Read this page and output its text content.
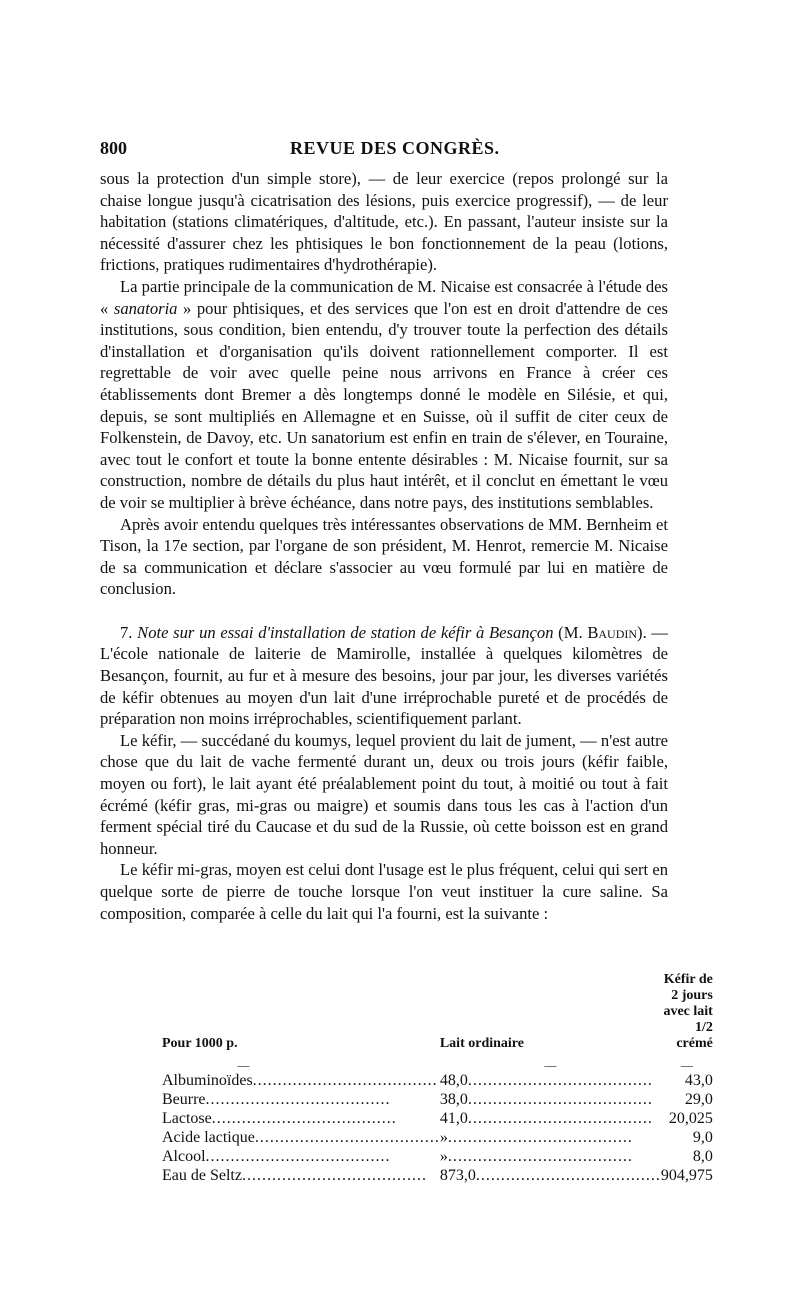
800	REVUE DES CONGRÈS.

sous la protection d'un simple store), — de leur exercice (repos prolongé sur la chaise longue jusqu'à cicatrisation des lésions, puis exercice progressif), — de leur habitation (stations climatériques, d'altitude, etc.). En passant, l'auteur insiste sur la nécessité d'assurer chez les phtisiques le bon fonctionnement de la peau (lotions, frictions, pratiques rudimentaires d'hydrothérapie).

La partie principale de la communication de M. Nicaise est consacrée à l'étude des « sanatoria » pour phtisiques, et des services que l'on est en droit d'attendre de ces institutions, sous condition, bien entendu, d'y trouver toute la perfection des détails d'installation et d'organisation qu'ils doivent rationnellement comporter. Il est regrettable de voir avec quelle peine nous arrivons en France à créer ces établissements dont Bremer a dès longtemps donné le modèle en Silésie, et qui, depuis, se sont multipliés en Allemagne et en Suisse, où il suffit de citer ceux de Folkenstein, de Davoy, etc. Un sanatorium est enfin en train de s'élever, en Touraine, avec tout le confort et toute la bonne entente désirables : M. Nicaise fournit, sur sa construction, nombre de détails du plus haut intérêt, et il conclut en émettant le vœu de voir se multiplier à brève échéance, dans notre pays, des institutions semblables.

Après avoir entendu quelques très intéressantes observations de MM. Bernheim et Tison, la 17e section, par l'organe de son président, M. Henrot, remercie M. Nicaise de sa communication et déclare s'associer au vœu formulé par lui en matière de conclusion.

7. Note sur un essai d'installation de station de kéfir à Besançon (M. Baudin). — L'école nationale de laiterie de Mamirolle, installée à quelques kilomètres de Besançon, fournit, au fur et à mesure des besoins, jour par jour, les diverses variétés de kéfir obtenues au moyen d'un lait d'une irréprochable pureté et de procédés de préparation non moins irréprochables, scientifiquement parlant.

Le kéfir, — succédané du koumys, lequel provient du lait de jument, — n'est autre chose que du lait de vache fermenté durant un, deux ou trois jours (kéfir faible, moyen ou fort), le lait ayant été préalablement point du tout, à moitié ou tout à fait écrémé (kéfir gras, mi-gras ou maigre) et soumis dans tous les cas à l'action d'un ferment spécial tiré du Caucase et du sud de la Russie, où cette boisson est en grand honneur.

Le kéfir mi-gras, moyen est celui dont l'usage est le plus fréquent, celui qui sert en quelque sorte de pierre de touche lorsque l'on veut instituer la cure saline. Sa composition, comparée à celle du lait qui l'a fourni, est la suivante :

Pour 1000 p.	Lait ordinaire	Kéfir de 2 jours
avec lait 1/2 crémé
—	—	—

Albuminoïdes .....	48,0 .....	43,0

Beurre .....	38,0 .....	29,0

Lactose .....	41,0 .....	20,025

Acide lactique .....	» .....	9,0

Alcool .....	» .....	8,0

Eau de Seltz .....	873,0 .....	904,975
